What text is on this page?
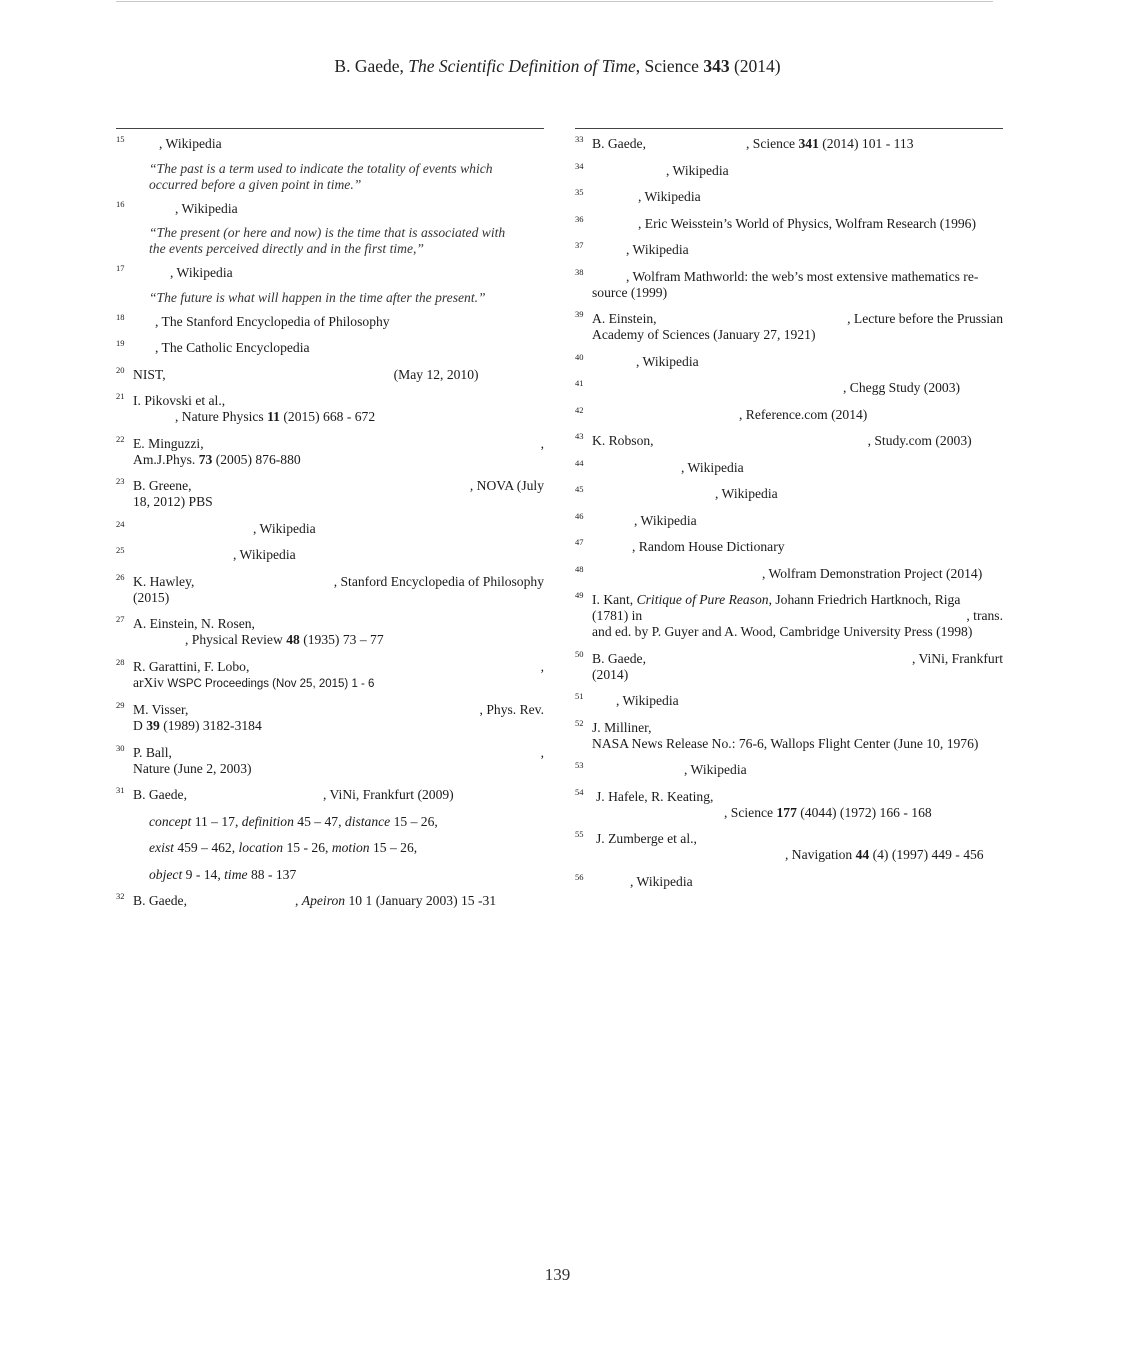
B. Gaede, The Scientific Definition of Time, Science 343 (2014)
15	, Wikipedia
“The past is a term used to indicate the totality of events which
occurred before a given point in time.”
16	, Wikipedia
“The present (or here and now) is the time that is associated with
the events perceived directly and in the first time,”
17	, Wikipedia
“The future is what will happen in the time after the present.”
18 , The Stanford Encyclopedia of Philosophy
19 , The Catholic Encyclopedia
20 NIST,	(May 12, 2010)
21 I. Pikovski et al.,
, Nature Physics 11 (2015) 668 - 672
22 E. Minguzzi,	,
Am.J.Phys. 73 (2005) 876-880
23 B. Greene,	, NOVA (July
18, 2012) PBS
24	, Wikipedia
25	, Wikipedia
26 K. Hawley,	, Stanford Encyclopedia of Philosophy
(2015)
27 A. Einstein, N. Rosen,
, Physical Review 48 (1935) 73 – 77
28 R. Garattini, F. Lobo,	,
arXiv WSPC Proceedings (Nov 25, 2015) 1 - 6
29 M. Visser,	, Phys. Rev.
D 39 (1989) 3182-3184
30 P. Ball,	,
Nature (June 2, 2003)
31 B. Gaede,	, ViNi, Frankfurt (2009)
concept 11 – 17, definition 45 – 47, distance 15 – 26,
exist 459 – 462, location 15 - 26, motion 15 – 26,
object 9 - 14, time 88 - 137
32 B. Gaede,	, Apeiron 10 1 (January 2003) 15 -31
33 B. Gaede,	, Science 341 (2014) 101 - 113
34	, Wikipedia
35	, Wikipedia
36	, Eric Weisstein’s World of Physics, Wolfram Research (1996)
37	, Wikipedia
38	, Wolfram Mathworld: the web’s most extensive mathematics re-
source (1999)
39 A. Einstein,	, Lecture before the Prussian
Academy of Sciences (January 27, 1921)
40	, Wikipedia
41	, Chegg Study (2003)
42	, Reference.com (2014)
43 K. Robson,	, Study.com (2003)
44	, Wikipedia
45	, Wikipedia
46	, Wikipedia
47	, Random House Dictionary
48	, Wolfram Demonstration Project (2014)
49 I. Kant, Critique of Pure Reason, Johann Friedrich Hartknoch, Riga
(1781) in	, trans.
and ed. by P. Guyer and A. Wood, Cambridge University Press (1998)
50 B. Gaede,	, ViNi, Frankfurt
(2014)
51 , Wikipedia
52 J. Milliner,
NASA News Release No.: 76-6, Wallops Flight Center (June 10, 1976)
53	, Wikipedia
54 J. Hafele, R. Keating,
, Science 177 (4044) (1972) 166 - 168
55 J. Zumberge et al.,
, Navigation 44 (4) (1997) 449 - 456
56	, Wikipedia
139
